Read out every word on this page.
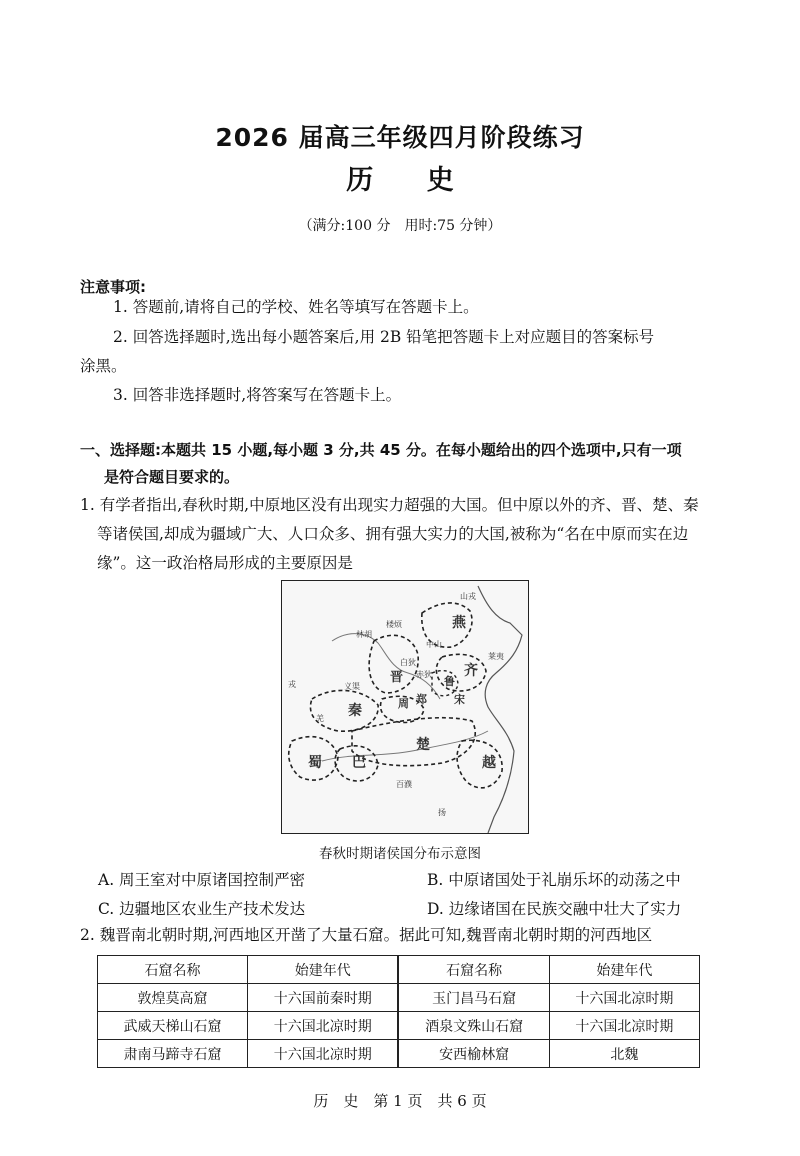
2026 届高三年级四月阶段练习
历 史
（满分:100 分　用时:75 分钟）
注意事项:
1. 答题前,请将自己的学校、姓名等填写在答题卡上。
2. 回答选择题时,选出每小题答案后,用 2B 铅笔把答题卡上对应题目的答案标号
涂黑。
3. 回答非选择题时,将答案写在答题卡上。
一、选择题:本题共 15 小题,每小题 3 分,共 45 分。在每小题给出的四个选项中,只有一项
是符合题目要求的。
1. 有学者指出,春秋时期,中原地区没有出现实力超强的大国。但中原以外的齐、晋、楚、秦
等诸侯国,却成为疆域广大、人口众多、拥有强大实力的大国,被称为“名在中原而实在边
缘”。这一政治格局形成的主要原因是
山戎
林胡
楼烦
中山
燕
莱夷
齐
白狄
晋 赤狄
义渠
戎
羌
鲁
宋
郑
周
秦
楚
越
蜀 巴
百濮
扬
春秋时期诸侯国分布示意图
A. 周王室对中原诸国控制严密	B. 中原诸国处于礼崩乐坏的动荡之中
C. 边疆地区农业生产技术发达	D. 边缘诸国在民族交融中壮大了实力
2. 魏晋南北朝时期,河西地区开凿了大量石窟。据此可知,魏晋南北朝时期的河西地区
石窟名称	始建年代	石窟名称	始建年代
敦煌莫高窟	十六国前秦时期	玉门昌马石窟	十六国北凉时期
武威天梯山石窟	十六国北凉时期	酒泉文殊山石窟	十六国北凉时期
肃南马蹄寺石窟	十六国北凉时期	安西榆林窟	北魏
历　史　第 1 页　共 6 页
